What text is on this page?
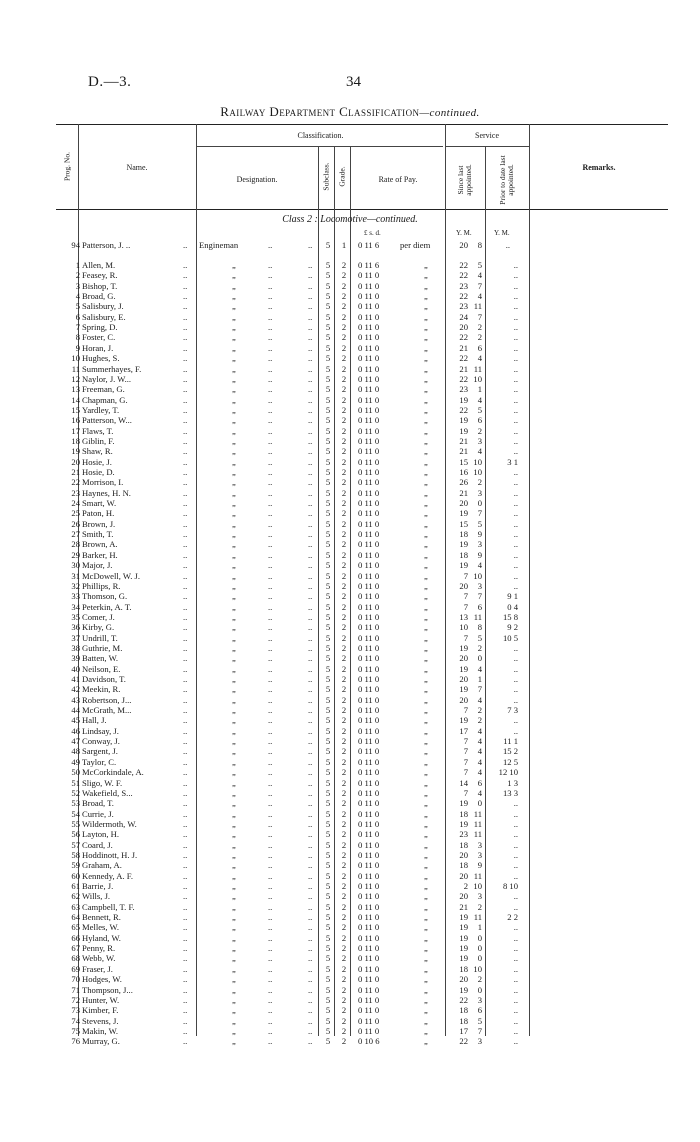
D.—3.	34
Railway Department Classification—continued.
Prog. No.	Name.
Classification.
Designation.	Subclass. Grade.	Rate of Pay.
Service
Since last appointed.	Prior to date last appointed.	Remarks.
Class 2 : Locomotive—continued.
£ s. d.	Y. M.	Y. M.
94 Patterson, J. ..	.. Engineman	..	..	5	1	0 11 6 per diem	20	8	..
1 Allen, M.	..	„	..	..	5	2	0 11 6	„	22	5	..
2 Feasey, R.	..	„	..	..	5	2	0 11 0	„	22	4	..
3 Bishop, T.	..	„	..	..	5	2	0 11 0	„	23	7	..
4 Broad, G.	..	„	..	..	5	2	0 11 0	„	22	4	..
5 Salisbury, J.	..	„	..	..	5	2	0 11 0	„	23 11	..
6 Salisbury, E.	..	„	..	..	5	2	0 11 0	„	24	7	..
7 Spring, D.	..	„	..	..	5	2	0 11 0	„	20	2	..
8 Foster, C.	..	„	..	..	5	2	0 11 0	„	22	2	..
9 Horan, J.	..	„	..	..	5	2	0 11 0	„	21	6	..
10 Hughes, S.	..	„	..	..	5	2	0 11 0	„	22	4	..
11 Summerhayes, F.	..	„	..	..	5	2	0 11 0	„	21 11	..
12 Naylor, J. W...	..	„	..	..	5	2	0 11 0	„	22 10	..
13 Freeman, G.	..	„	..	..	5	2	0 11 0	„	23	1	..
14 Chapman, G.	..	„	..	..	5	2	0 11 0	„	19	4	..
15 Yardley, T.	..	„	..	..	5	2	0 11 0	„	22	5	..
16 Patterson, W...	..	„	..	..	5	2	0 11 0	„	19	6	..
17 Flaws, T.	..	„	..	..	5	2	0 11 0	„	19	2	..
18 Giblin, F.	..	„	..	..	5	2	0 11 0	„	21	3	..
19 Shaw, R.	..	„	..	..	5	2	0 11 0	„	21	4	..
20 Hosie, J.	..	„	..	..	5	2	0 11 0	„	15 10	3 1
21 Hosie, D.	..	„	..	..	5	2	0 11 0	„	16 10	..
22 Morrison, I.	..	„	..	..	5	2	0 11 0	„	26	2	..
23 Haynes, H. N.	..	„	..	..	5	2	0 11 0	„	21	3	..
24 Smart, W.	..	„	..	..	5	2	0 11 0	„	20	0	..
25 Paton, H.	..	„	..	..	5	2	0 11 0	„	19	7	..
26 Brown, J.	..	„	..	..	5	2	0 11 0	„	15	5	..
27 Smith, T.	..	„	..	..	5	2	0 11 0	„	18	9	..
28 Brown, A.	..	„	..	..	5	2	0 11 0	„	19	3	..
29 Barker, H.	..	„	..	..	5	2	0 11 0	„	18	9	..
30 Major, J.	..	„	..	..	5	2	0 11 0	„	19	4	..
31 McDowell, W. J.	..	„	..	..	5	2	0 11 0	„	7 10	..
32 Phillips, R.	..	„	..	..	5	2	0 11 0	„	20	3	..
33 Thomson, G.	..	„	..	..	5	2	0 11 0	„	7	7	9 1
34 Peterkin, A. T.	..	„	..	..	5	2	0 11 0	„	7	6	0 4
35 Comer, J.	..	„	..	..	5	2	0 11 0	„	13 11	15 8
36 Kirby, G.	..	„	..	..	5	2	0 11 0	„	10	8	9 2
37 Undrill, T.	..	„	..	..	5	2	0 11 0	„	7	5	10 5
38 Guthrie, M.	..	„	..	..	5	2	0 11 0	„	19	2	..
39 Batten, W.	..	„	..	..	5	2	0 11 0	„	20	0	..
40 Neilson, E.	..	„	..	..	5	2	0 11 0	„	19	4	..
41 Davidson, T.	..	„	..	..	5	2	0 11 0	„	20	1	..
42 Meekin, R.	..	„	..	..	5	2	0 11 0	„	19	7	..
43 Robertson, J...	..	„	..	..	5	2	0 11 0	„	20	4	..
44 McGrath, M...	..	„	..	..	5	2	0 11 0	„	7	2	7 3
45 Hall, J.	..	„	..	..	5	2	0 11 0	„	19	2	..
46 Lindsay, J.	..	„	..	..	5	2	0 11 0	„	17	4	..
47 Conway, J.	..	„	..	..	5	2	0 11 0	„	7	4	11 1
48 Sargent, J.	..	„	..	..	5	2	0 11 0	„	7	4	15 2
49 Taylor, C.	..	„	..	..	5	2	0 11 0	„	7	4	12 5
50 McCorkindale, A.	..	„	..	..	5	2	0 11 0	„	7	4	12 10
51 Sligo, W. F.	..	„	..	..	5	2	0 11 0	„	14	6	1 3
52 Wakefield, S...	..	„	..	..	5	2	0 11 0	„	7	4	13 3
53 Broad, T.	..	„	..	..	5	2	0 11 0	„	19	0	..
54 Currie, J.	..	„	..	..	5	2	0 11 0	„	18 11	..
55 Wildermoth, W.	..	„	..	..	5	2	0 11 0	„	19 11	..
56 Layton, H.	..	„	..	..	5	2	0 11 0	„	23 11	..
57 Coard, J.	..	„	..	..	5	2	0 11 0	„	18	3	..
58 Hoddinott, H. J.	..	„	..	..	5	2	0 11 0	„	20	3	..
59 Graham, A.	..	„	..	..	5	2	0 11 0	„	18	9	..
60 Kennedy, A. F.	..	„	..	..	5	2	0 11 0	„	20 11	..
61 Barrie, J.	..	„	..	..	5	2	0 11 0	„	2 10	8 10
62 Wills, J.	..	„	..	..	5	2	0 11 0	„	20	3	..
63 Campbell, T. F.	..	„	..	..	5	2	0 11 0	„	21	2	..
64 Bennett, R.	..	„	..	..	5	2	0 11 0	„	19 11	2 2
65 Melles, W.	..	„	..	..	5	2	0 11 0	„	19	1	..
66 Hyland, W.	..	„	..	..	5	2	0 11 0	„	19	0	..
67 Penny, R.	..	„	..	..	5	2	0 11 0	„	19	0	..
68 Webb, W.	..	„	..	..	5	2	0 11 0	„	19	0	..
69 Fraser, J.	..	„	..	..	5	2	0 11 0	„	18 10	..
70 Hodges, W.	..	„	..	..	5	2	0 11 0	„	20	2	..
71 Thompson, J...	..	„	..	..	5	2	0 11 0	„	19	0	..
72 Hunter, W.	..	„	..	..	5	2	0 11 0	„	22	3	..
73 Kimber, F.	..	„	..	..	5	2	0 11 0	„	18	6	..
74 Stevens, J.	..	„	..	..	5	2	0 11 0	„	18	5	..
75 Makin, W.	..	„	..	..	5	2	0 11 0	„	17	7	..
76 Murray, G.	..	„	..	..	5	2	0 10 6	„	22	3	..
